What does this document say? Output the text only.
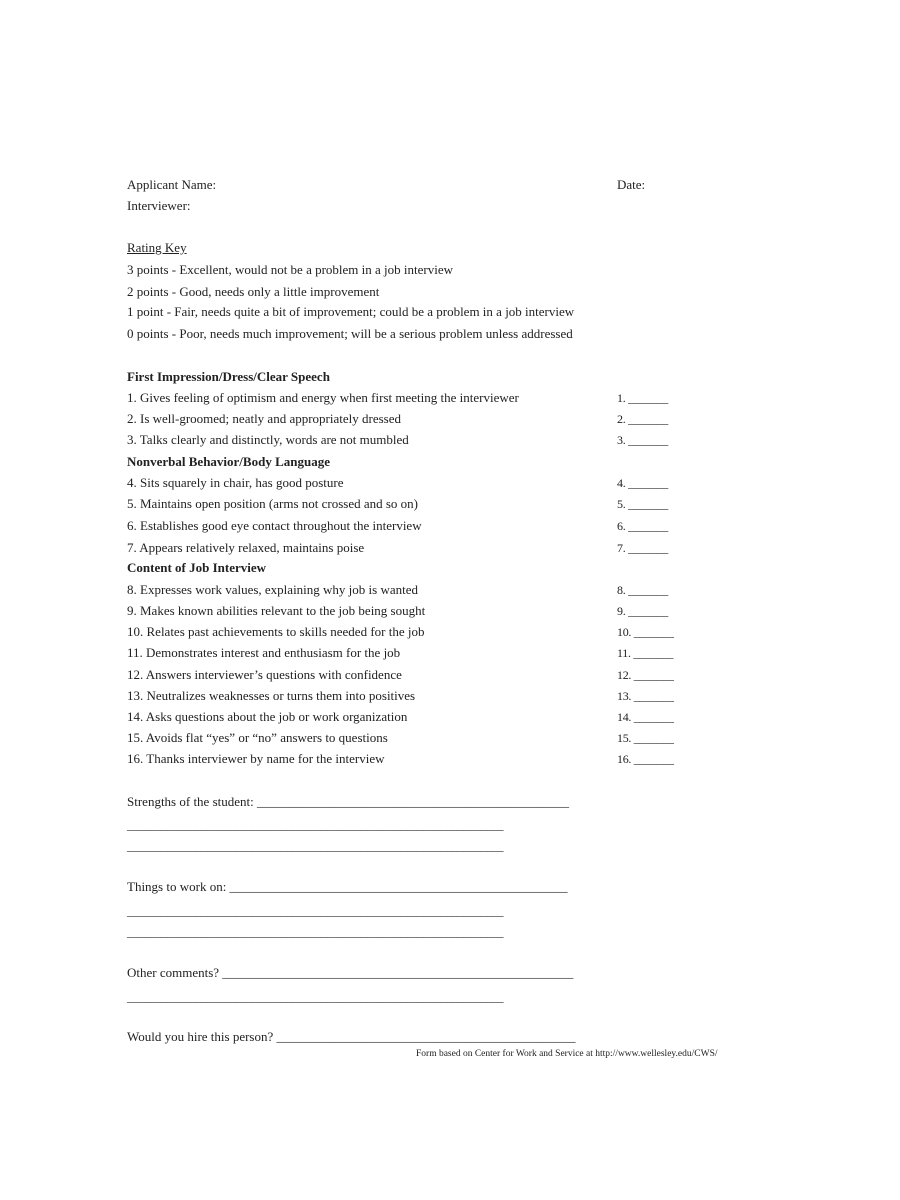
Applicant Name:	Date:
Interviewer:
Rating Key
3 points - Excellent, would not be a problem in a job interview
2 points - Good, needs only a little improvement
1 point - Fair, needs quite a bit of improvement; could be a problem in a job interview
0 points - Poor, needs much improvement; will be a serious problem unless addressed
First Impression/Dress/Clear Speech
1. Gives feeling of optimism and energy when first meeting the interviewer	1. _______
2. Is well-groomed; neatly and appropriately dressed	2. _______
3. Talks clearly and distinctly, words are not mumbled	3. _______
Nonverbal Behavior/Body Language
4. Sits squarely in chair, has good posture	4. _______
5. Maintains open position (arms not crossed and so on)	5. _______
6. Establishes good eye contact throughout the interview	6. _______
7. Appears relatively relaxed, maintains poise	7. _______
Content of Job Interview
8. Expresses work values, explaining why job is wanted	8. _______
9. Makes known abilities relevant to the job being sought	9. _______
10. Relates past achievements to skills needed for the job	10. _______
11. Demonstrates interest and enthusiasm for the job	11. _______
12. Answers interviewer’s questions with confidence	12. _______
13. Neutralizes weaknesses or turns them into positives	13. _______
14. Asks questions about the job or work organization	14. _______
15. Avoids flat “yes” or “no” answers to questions	15. _______
16. Thanks interviewer by name for the interview	16. _______
Strengths of the student: ________________________________________________
__________________________________________________________________
__________________________________________________________________
Things to work on: ____________________________________________________
__________________________________________________________________
__________________________________________________________________
Other comments? ______________________________________________________
__________________________________________________________________
Would you hire this person? ______________________________________________
Form based on Center for Work and Service at http://www.wellesley.edu/CWS/
